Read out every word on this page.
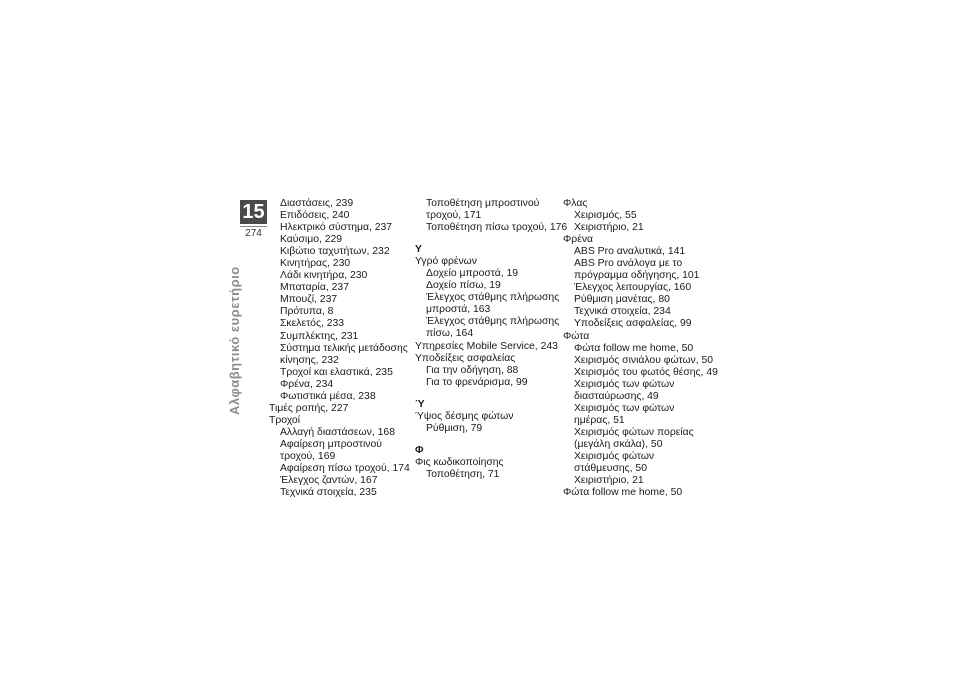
15
274
Αλφαβητικό ευρετήριο
Διαστάσεις, 239
Επιδόσεις, 240
Ηλεκτρικό σύστημα, 237
Καύσιμο, 229
Κιβώτιο ταχυτήτων, 232
Κινητήρας, 230
Λάδι κινητήρα, 230
Μπαταρία, 237
Μπουζί, 237
Πρότυπα, 8
Σκελετός, 233
Συμπλέκτης, 231
Σύστημα τελικής μετάδοσης
κίνησης, 232
Τροχοί και ελαστικά, 235
Φρένα, 234
Φωτιστικά μέσα, 238
Τιμές ροπής, 227
Τροχοί
Αλλαγή διαστάσεων, 168
Αφαίρεση μπροστινού
τροχού, 169
Αφαίρεση πίσω τροχού, 174
Έλεγχος ζαντών, 167
Τεχνικά στοιχεία, 235
Τοποθέτηση μπροστινού
τροχού, 171
Τοποθέτηση πίσω τροχού, 176
Υ
Υγρό φρένων
Δοχείο μπροστά, 19
Δοχείο πίσω, 19
Έλεγχος στάθμης πλήρωσης
μπροστά, 163
Έλεγχος στάθμης πλήρωσης
πίσω, 164
Υπηρεσίες Mobile Service, 243
Υποδείξεις ασφαλείας
Για την οδήγηση, 88
Για το φρενάρισμα, 99
Ύ
Ύψος δέσμης φώτων
Ρύθμιση, 79
Φ
Φις κωδικοποίησης
Τοποθέτηση, 71
Φλας
Χειρισμός, 55
Χειριστήριο, 21
Φρένα
ABS Pro αναλυτικά, 141
ABS Pro ανάλογα με το
πρόγραμμα οδήγησης, 101
Έλεγχος λειτουργίας, 160
Ρύθμιση μανέτας, 80
Τεχνικά στοιχεία, 234
Υποδείξεις ασφαλείας, 99
Φώτα
Φώτα follow me home, 50
Χειρισμός σινιάλου φώτων, 50
Χειρισμός του φωτός θέσης, 49
Χειρισμός των φώτων
διασταύρωσης, 49
Χειρισμός των φώτων
ημέρας, 51
Χειρισμός φώτων πορείας
(μεγάλη σκάλα), 50
Χειρισμός φώτων
στάθμευσης, 50
Χειριστήριο, 21
Φώτα follow me home, 50
